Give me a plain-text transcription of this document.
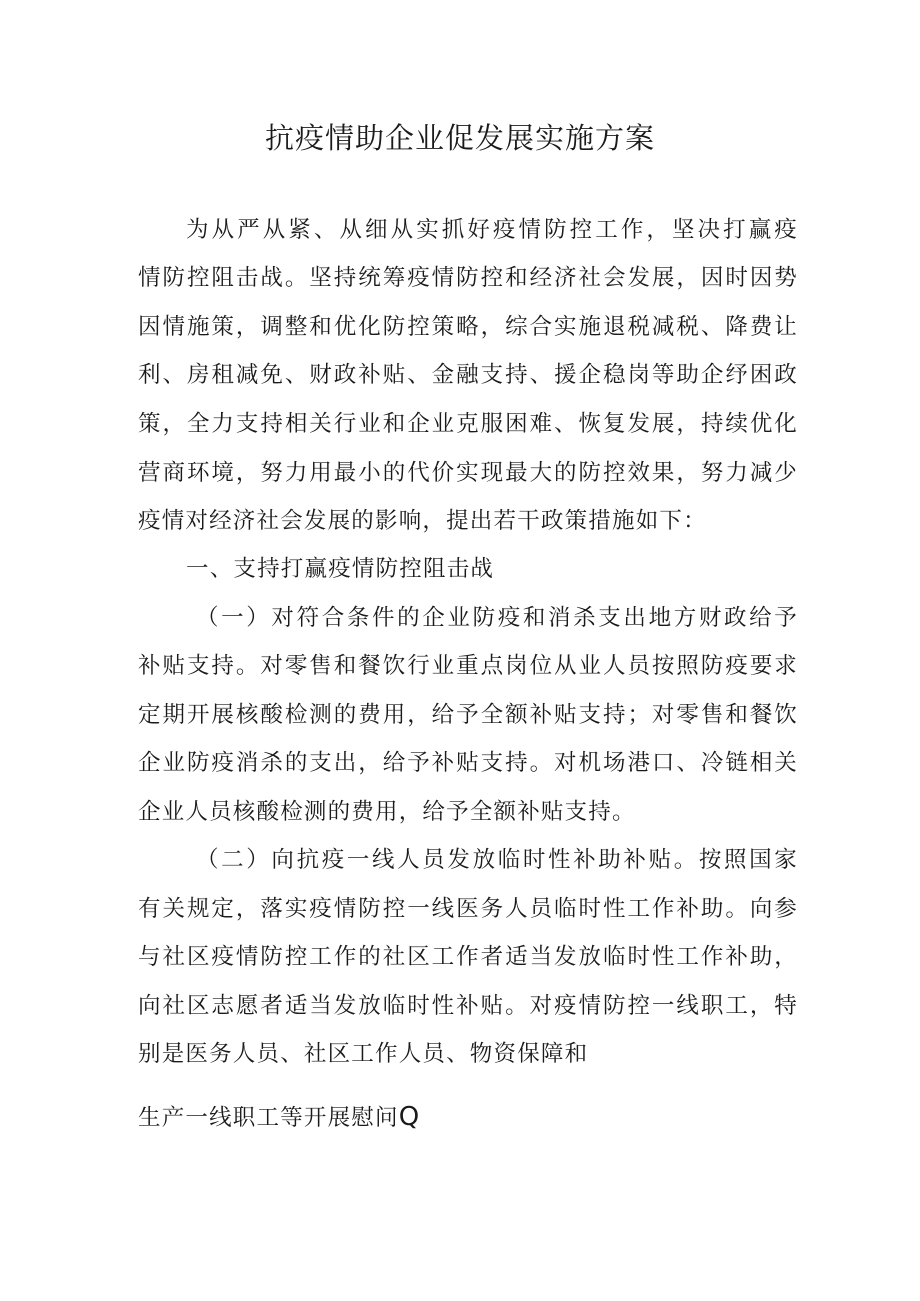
抗疫情助企业促发展实施方案
为从严从紧、从细从实抓好疫情防控工作，坚决打赢疫
情防控阻击战。坚持统筹疫情防控和经济社会发展，因时因势
因情施策，调整和优化防控策略，综合实施退税减税、降费让
利、房租减免、财政补贴、金融支持、援企稳岗等助企纾困政
策，全力支持相关行业和企业克服困难、恢复发展，持续优化
营商环境，努力用最小的代价实现最大的防控效果，努力减少
疫情对经济社会发展的影响，提出若干政策措施如下：
一、支持打赢疫情防控阻击战
（一）对符合条件的企业防疫和消杀支出地方财政给予
补贴支持。对零售和餐饮行业重点岗位从业人员按照防疫要求
定期开展核酸检测的费用，给予全额补贴支持；对零售和餐饮
企业防疫消杀的支出，给予补贴支持。对机场港口、冷链相关
企业人员核酸检测的费用，给予全额补贴支持。
（二）向抗疫一线人员发放临时性补助补贴。按照国家
有关规定，落实疫情防控一线医务人员临时性工作补助。向参
与社区疫情防控工作的社区工作者适当发放临时性工作补助，
向社区志愿者适当发放临时性补贴。对疫情防控一线职工，特
别是医务人员、社区工作人员、物资保障和
生产一线职工等开展慰问Q
